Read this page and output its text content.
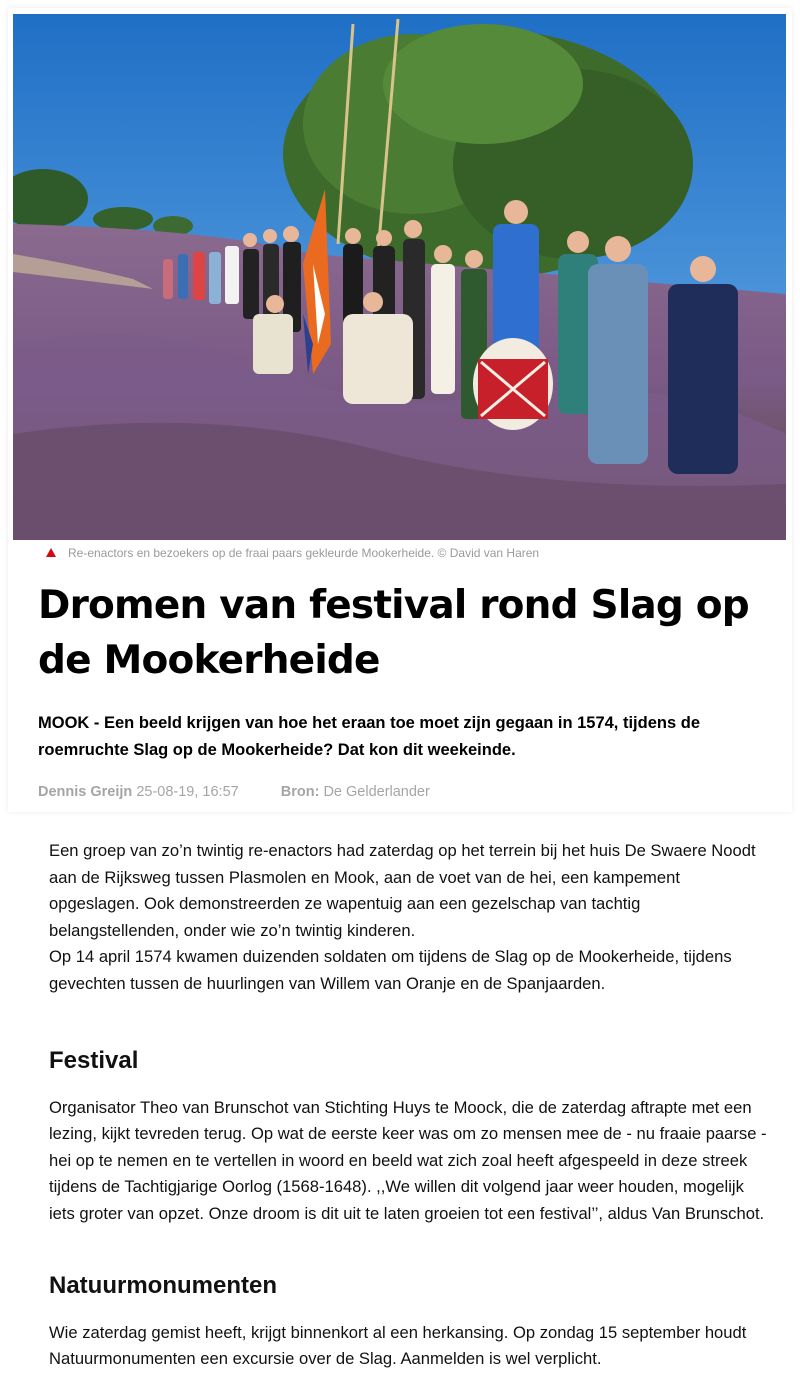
Re-enactors en bezoekers op de fraai paars gekleurde Mookerheide. © David van Haren
Dromen van festival rond Slag op de Mookerheide

MOOK - Een beeld krijgen van hoe het eraan toe moet zijn gegaan in 1574, tijdens de roemruchte Slag op de Mookerheide? Dat kon dit weekeinde.

Dennis Greijn 25-08-19, 16:57	Bron: De Gelderlander

Een groep van zo’n twintig re-enactors had zaterdag op het terrein bij het huis De Swaere Noodt aan de Rijksweg tussen Plasmolen en Mook, aan de voet van de hei, een kampement opgeslagen. Ook demonstreerden ze wapentuig aan een gezelschap van tachtig belangstellenden, onder wie zo’n twintig kinderen.

Op 14 april 1574 kwamen duizenden soldaten om tijdens de Slag op de Mookerheide, tijdens gevechten tussen de huurlingen van Willem van Oranje en de Spanjaarden.

Festival

Organisator Theo van Brunschot van Stichting Huys te Moock, die de zaterdag aftrapte met een lezing, kijkt tevreden terug. Op wat de eerste keer was om zo mensen mee de - nu fraaie paarse - hei op te nemen en te vertellen in woord en beeld wat zich zoal heeft afgespeeld in deze streek tijdens de Tachtigjarige Oorlog (1568-1648). ,,We willen dit volgend jaar weer houden, mogelijk iets groter van opzet. Onze droom is dit uit te laten groeien tot een festival’’, aldus Van Brunschot.

Natuurmonumenten

Wie zaterdag gemist heeft, krijgt binnenkort al een herkansing. Op zondag 15 september houdt Natuurmonumenten een excursie over de Slag. Aanmelden is wel verplicht.
